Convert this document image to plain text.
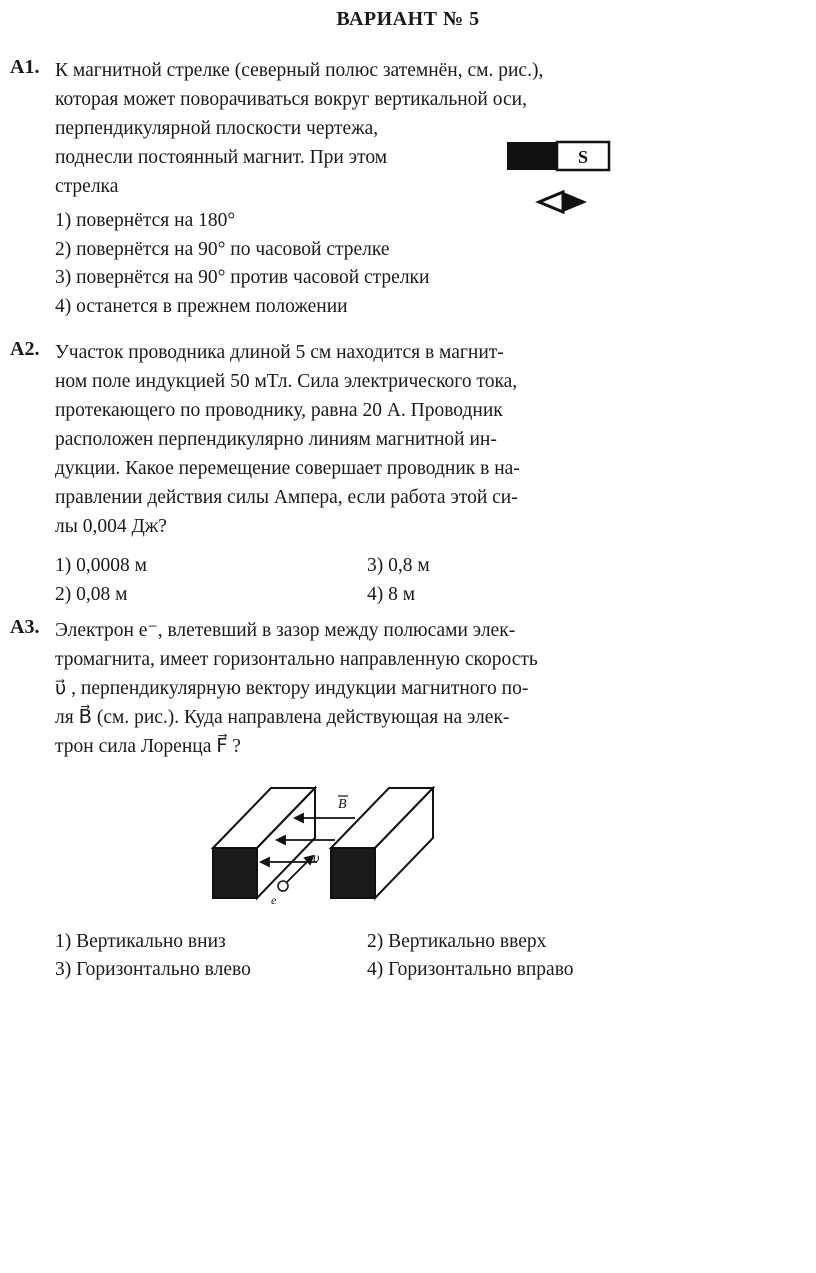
ВАРИАНТ № 5
А1. К магнитной стрелке (северный полюс затемнён, см. рис.),
которая может поворачиваться вокруг вертикальной оси,
перпендикулярной плоскости чертежа,
поднесли постоянный магнит. При этом
стрелка
1) повернётся на 180°
2) повернётся на 90° по часовой стрелке
3) повернётся на 90° против часовой стрелки
4) останется в прежнем положении
S
А2. Участок проводника длиной 5 см находится в магнит-
ном поле индукцией 50 мТл. Сила электрического тока,
протекающего по проводнику, равна 20 А. Проводник
расположен перпендикулярно линиям магнитной ин-
дукции. Какое перемещение совершает проводник в на-
правлении действия силы Ампера, если работа этой си-
лы 0,004 Дж?
1) 0,0008 м	3) 0,8 м
2) 0,08 м	4) 8 м
А3. Электрон e⁻, влетевший в зазор между полюсами элек-
тромагнита, имеет горизонтально направленную скорость
υ⃗ , перпендикулярную вектору индукции магнитного по-
ля B⃗ (см. рис.). Куда направлена действующая на элек-
трон сила Лоренца F⃗ ?
B
υ
e
1) Вертикально вниз	2) Вертикально вверх
3) Горизонтально влево	4) Горизонтально вправо
